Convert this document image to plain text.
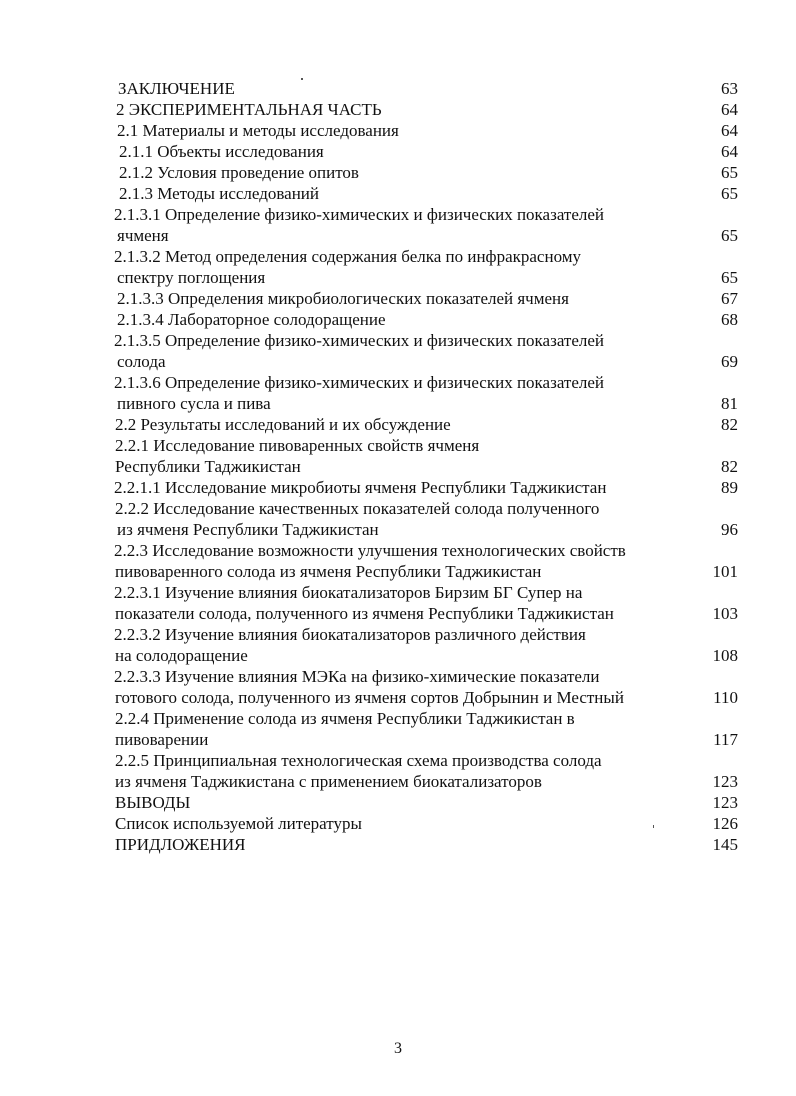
ЗАКЛЮЧЕНИЕ	63
2 ЭКСПЕРИМЕНТАЛЬНАЯ ЧАСТЬ	64
2.1 Материалы и методы исследования	64
2.1.1 Объекты исследования	64
2.1.2 Условия проведение опитов	65
2.1.3 Методы исследований	65
2.1.3.1 Определение физико-химических и физических показателей
ячменя	65
2.1.3.2 Метод определения содержания белка по инфракрасному
спектру поглощения	65
2.1.3.3 Определения микробиологических показателей ячменя	67
2.1.3.4 Лабораторное солодоращение	68
2.1.3.5 Определение физико-химических и физических показателей
солода	69
2.1.3.6 Определение физико-химических и физических показателей
пивного сусла и пива	81
2.2 Результаты исследований и их обсуждение	82
2.2.1 Исследование пивоваренных свойств ячменя
Республики Таджикистан	82
2.2.1.1 Исследование микробиоты ячменя Республики Таджикистан	89
2.2.2 Исследование качественных показателей солода полученного
из ячменя Республики Таджикистан	96
2.2.3 Исследование возможности улучшения технологических свойств
пивоваренного солода из ячменя Республики Таджикистан	101
2.2.3.1 Изучение влияния биокатализаторов Бирзим БГ Супер на
показатели солода, полученного из ячменя Республики Таджикистан	103
2.2.3.2 Изучение влияния биокатализаторов различного действия
на солодоращение	108
2.2.3.3 Изучение влияния МЭКа на физико-химические показатели
готового солода, полученного из ячменя сортов Добрынин и Местный	110
2.2.4 Применение солода из ячменя Республики Таджикистан в
пивоварении	117
2.2.5 Принципиальная технологическая схема производства солода
из ячменя Таджикистана с применением биокатализаторов	123
ВЫВОДЫ	123
Список используемой литературы	126
ПРИДЛОЖЕНИЯ	145
3
